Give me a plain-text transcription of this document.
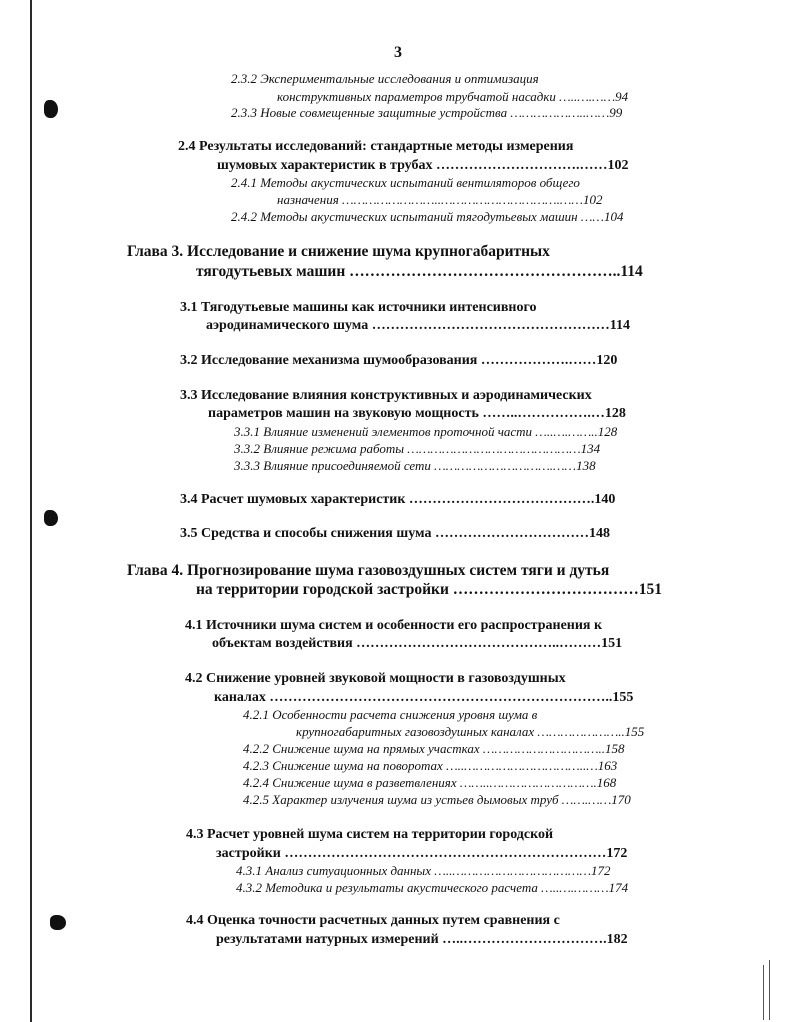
3
2.3.2 Экспериментальные исследования и оптимизация
конструктивных параметров трубчатой насадки …..….……94
2.3.3 Новые совмещенные защитные устройства ………………..……99
2.4 Результаты исследований: стандартные методы измерения
шумовых характеристик в трубах ………………………….……102
2.4.1 Методы акустических испытаний вентиляторов общего
назначения ……………………..………………………….……102
2.4.2 Методы акустических испытаний тягодутьевых машин ……104
Глава 3. Исследование и снижение шума крупногабаритных
тягодутьевых машин ……………………………………………..114
3.1 Тягодутьевые машины как источники интенсивного
аэродинамического шума ……………………………………………114
3.2 Исследование механизма шумообразования ……………….……120
3.3 Исследование влияния конструктивных и аэродинамических
параметров машин на звуковую мощность ……..…………….…128
3.3.1 Влияние изменений элементов проточной части …..….……..128
3.3.2 Влияние режима работы ………………………………………134
3.3.3 Влияние присоединяемой сети ………………………….……138
3.4 Расчет шумовых характеристик ………………………………….140
3.5 Средства и способы снижения шума ……………………………148
Глава 4. Прогнозирование шума газовоздушных систем тяги и дутья
на территории городской застройки ………………………………151
4.1 Источники шума систем и особенности его распространения к
объектам воздействия ……………………………………..………151
4.2 Снижение уровней звуковой мощности в газовоздушных
каналах ………………………………………………………………..155
4.2.1 Особенности расчета снижения уровня шума в
крупногабаритных газовоздушных каналах …………………..155
4.2.2 Снижение шума на прямых участках …………………………..158
4.2.3 Снижение шума на поворотах …..…………………………..…163
4.2.4 Снижение шума в разветвлениях ……..……………………….168
4.2.5 Характер излучения шума из устьев дымовых труб …….……170
4.3 Расчет уровней шума систем на территории городской
застройки ……………………………………………………………172
4.3.1 Анализ ситуационных данных …..………………………………172
4.3.2 Методика и результаты акустического расчета …..….………174
4.4 Оценка точности расчетных данных путем сравнения с
результатами натурных измерений …..………………………….182
